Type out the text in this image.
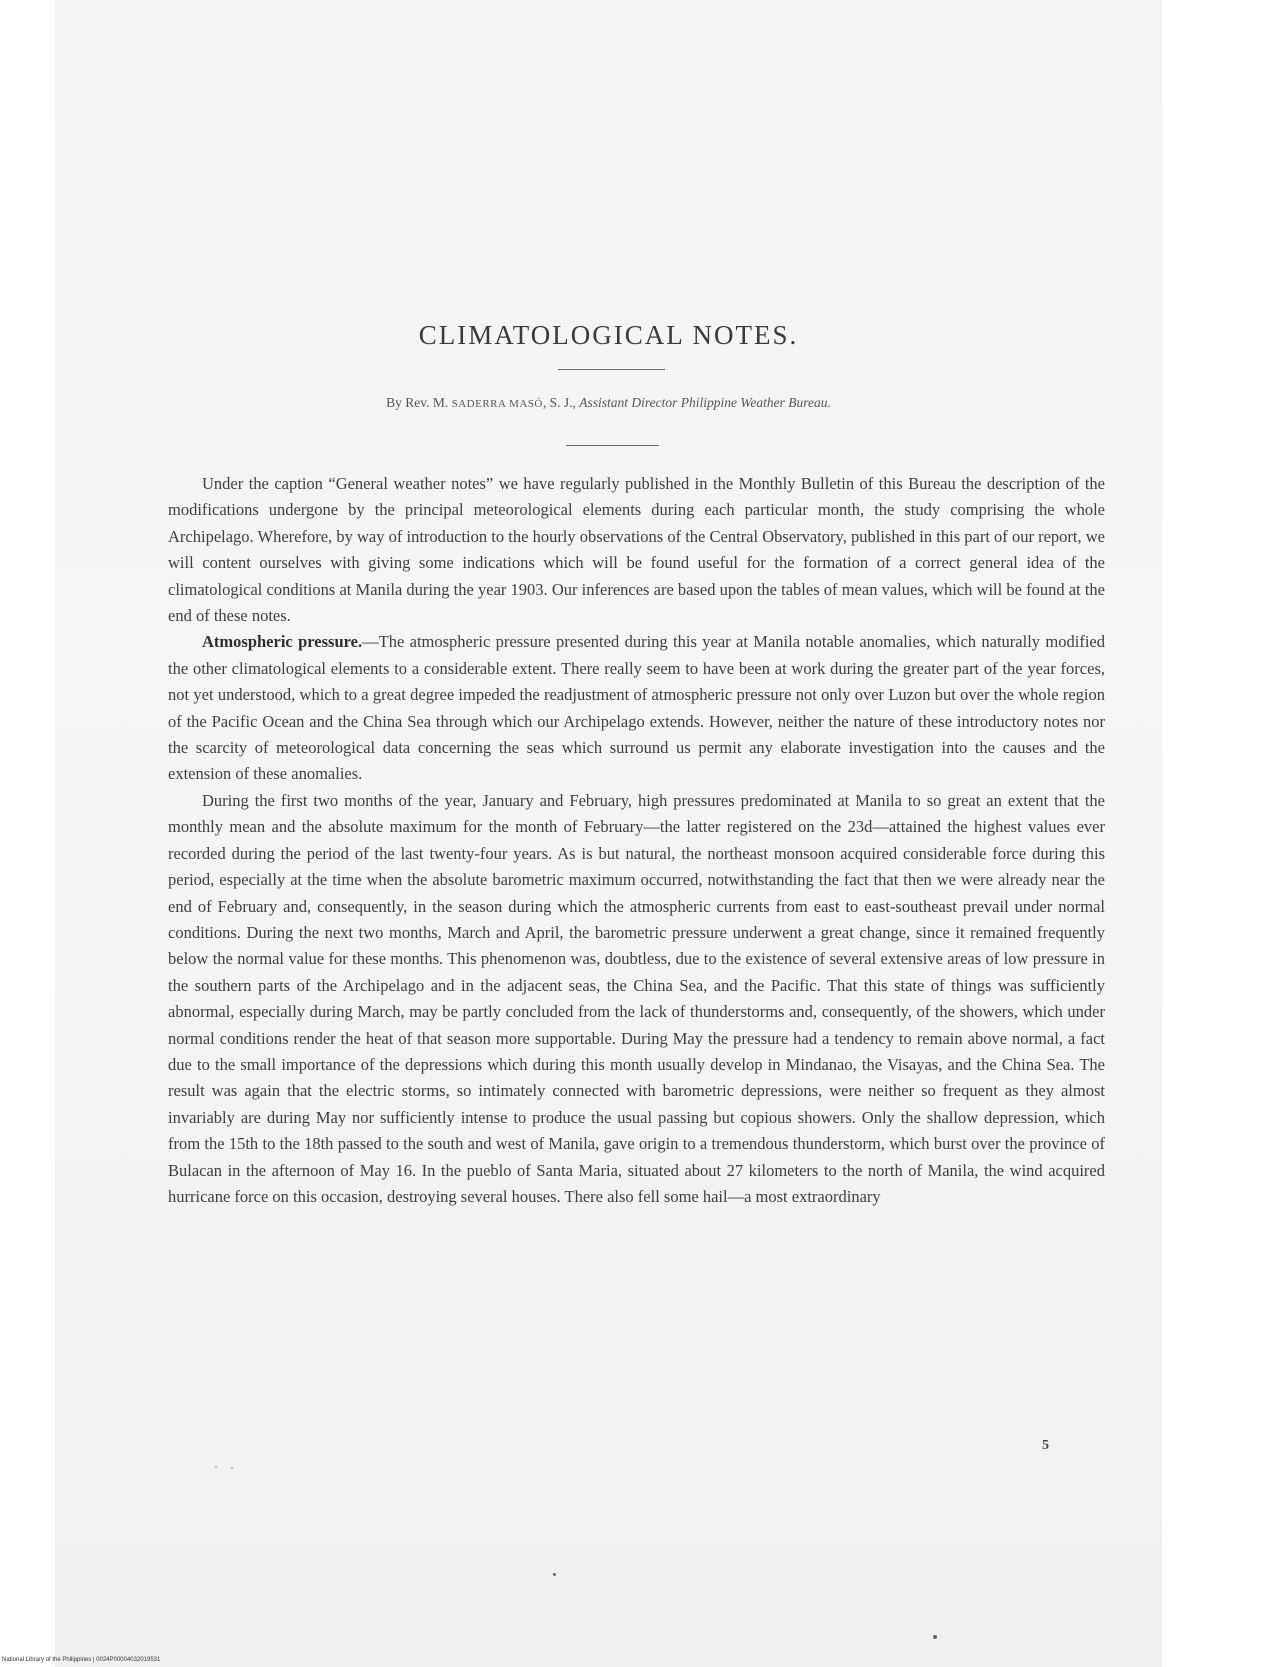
CLIMATOLOGICAL NOTES.
By Rev. M. SADERRA MASÓ, S. J., Assistant Director Philippine Weather Bureau.

Under the caption “General weather notes” we have regularly published in the Monthly Bulletin of this Bureau the description of the modifications undergone by the principal meteorological elements during each particular month, the study comprising the whole Archipelago. Wherefore, by way of introduction to the hourly observations of the Central Observatory, published in this part of our report, we will content ourselves with giving some indications which will be found useful for the formation of a correct general idea of the climatological conditions at Manila during the year 1903. Our inferences are based upon the tables of mean values, which will be found at the end of these notes.

Atmospheric pressure.—The atmospheric pressure presented during this year at Manila notable anomalies, which naturally modified the other climatological elements to a considerable extent. There really seem to have been at work during the greater part of the year forces, not yet understood, which to a great degree impeded the readjustment of atmospheric pressure not only over Luzon but over the whole region of the Pacific Ocean and the China Sea through which our Archipelago extends. However, neither the nature of these introductory notes nor the scarcity of meteorological data concerning the seas which surround us permit any elaborate investigation into the causes and the extension of these anomalies.

During the first two months of the year, January and February, high pressures predominated at Manila to so great an extent that the monthly mean and the absolute maximum for the month of February—the latter registered on the 23d—attained the highest values ever recorded during the period of the last twenty-four years. As is but natural, the northeast monsoon acquired considerable force during this period, especially at the time when the absolute barometric maximum occurred, notwithstanding the fact that then we were already near the end of February and, consequently, in the season during which the atmospheric currents from east to east-southeast prevail under normal conditions. During the next two months, March and April, the barometric pressure underwent a great change, since it remained frequently below the normal value for these months. This phenomenon was, doubtless, due to the existence of several extensive areas of low pressure in the southern parts of the Archipelago and in the adjacent seas, the China Sea, and the Pacific. That this state of things was sufficiently abnormal, especially during March, may be partly concluded from the lack of thunderstorms and, consequently, of the showers, which under normal conditions render the heat of that season more supportable. During May the pressure had a tendency to remain above normal, a fact due to the small importance of the depressions which during this month usually develop in Mindanao, the Visayas, and the China Sea. The result was again that the electric storms, so intimately connected with barometric depressions, were neither so frequent as they almost invariably are during May nor sufficiently intense to produce the usual passing but copious showers. Only the shallow depression, which from the 15th to the 18th passed to the south and west of Manila, gave origin to a tremendous thunderstorm, which burst over the province of Bulacan in the afternoon of May 16. In the pueblo of Santa Maria, situated about 27 kilometers to the north of Manila, the wind acquired hurricane force on this occasion, destroying several houses. There also fell some hail—a most extraordinary

5
National Library of the Philippines | 0024P00004032019531
